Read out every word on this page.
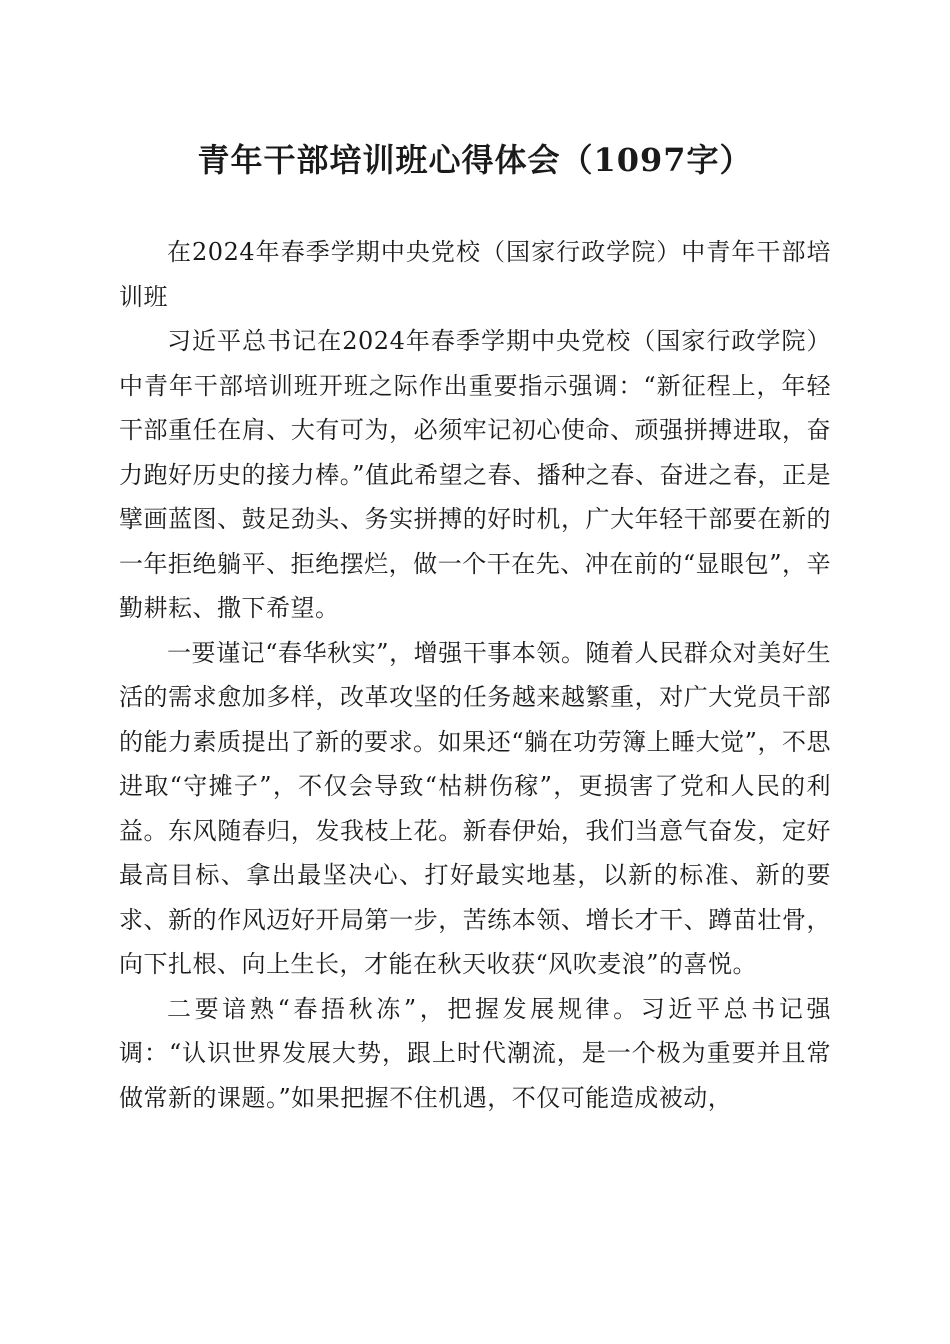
青年干部培训班心得体会（1097字）

在2024年春季学期中央党校（国家行政学院）中青年干部培训班

习近平总书记在2024年春季学期中央党校（国家行政学院）中青年干部培训班开班之际作出重要指示强调：“新征程上，年轻干部重任在肩、大有可为，必须牢记初心使命、顽强拼搏进取，奋力跑好历史的接力棒。”值此希望之春、播种之春、奋进之春，正是擘画蓝图、鼓足劲头、务实拼搏的好时机，广大年轻干部要在新的一年拒绝躺平、拒绝摆烂，做一个干在先、冲在前的“显眼包”，辛勤耕耘、撒下希望。

一要谨记“春华秋实”，增强干事本领。随着人民群众对美好生活的需求愈加多样，改革攻坚的任务越来越繁重，对广大党员干部的能力素质提出了新的要求。如果还“躺在功劳簿上睡大觉”，不思进取“守摊子”，不仅会导致“枯耕伤稼”，更损害了党和人民的利益。东风随春归，发我枝上花。新春伊始，我们当意气奋发，定好最高目标、拿出最坚决心、打好最实地基，以新的标准、新的要求、新的作风迈好开局第一步，苦练本领、增长才干、蹲苗壮骨，向下扎根、向上生长，才能在秋天收获“风吹麦浪”的喜悦。

二要谙熟“春捂秋冻”，把握发展规律。习近平总书记强调：“认识世界发展大势，跟上时代潮流，是一个极为重要并且常做常新的课题。”如果把握不住机遇，不仅可能造成被动，
